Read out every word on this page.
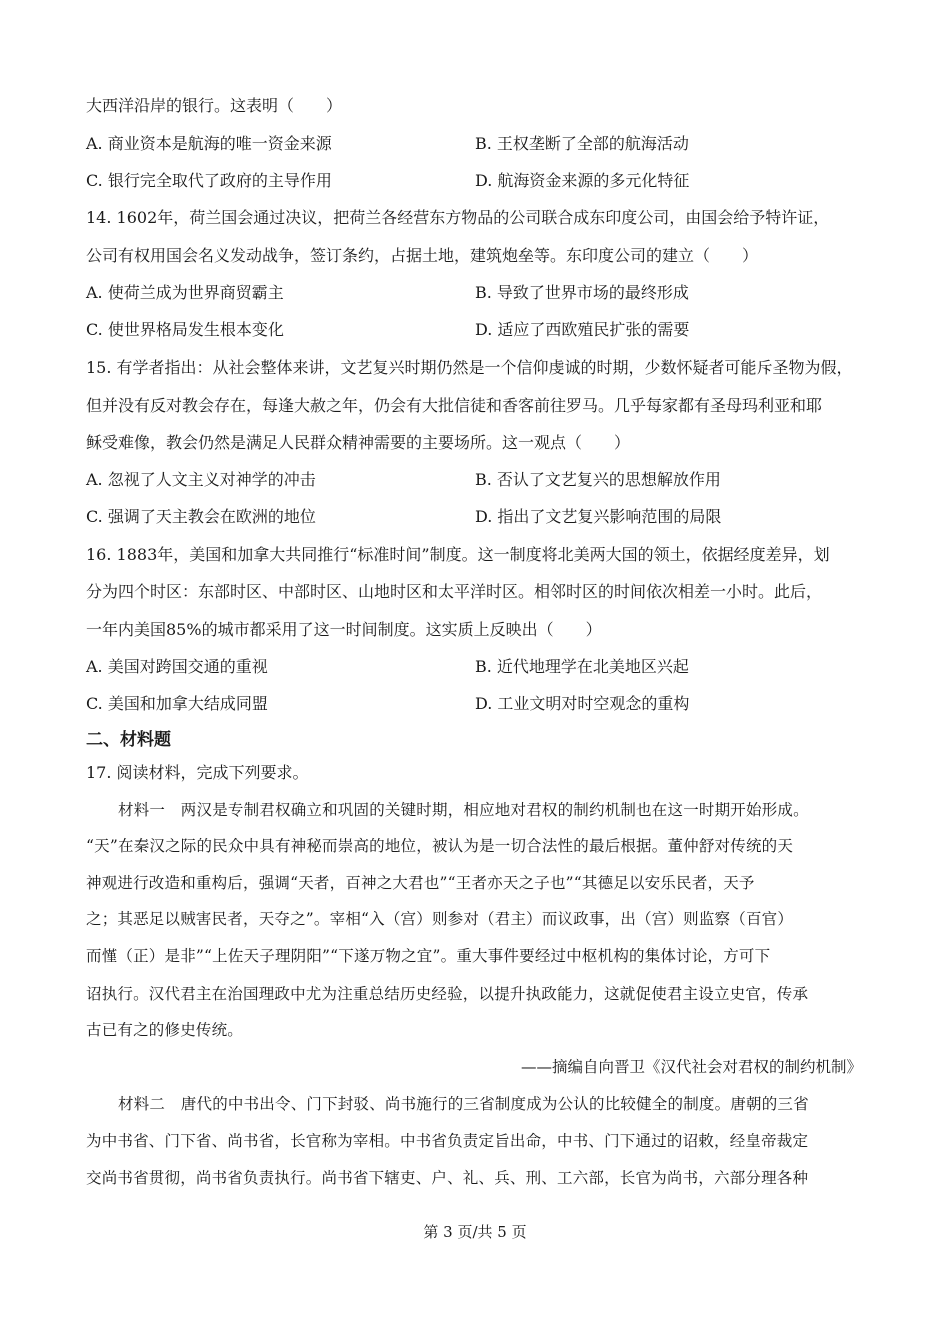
大西洋沿岸的银行。这表明（　　）
A. 商业资本是航海的唯一资金来源	B. 王权垄断了全部的航海活动
C. 银行完全取代了政府的主导作用	D. 航海资金来源的多元化特征
14. 1602年，荷兰国会通过决议，把荷兰各经营东方物品的公司联合成东印度公司，由国会给予特许证，
公司有权用国会名义发动战争，签订条约，占据土地，建筑炮垒等。东印度公司的建立（　　）
A. 使荷兰成为世界商贸霸主	B. 导致了世界市场的最终形成
C. 使世界格局发生根本变化	D. 适应了西欧殖民扩张的需要
15. 有学者指出：从社会整体来讲，文艺复兴时期仍然是一个信仰虔诚的时期，少数怀疑者可能斥圣物为假，
但并没有反对教会存在，每逢大赦之年，仍会有大批信徒和香客前往罗马。几乎每家都有圣母玛利亚和耶
稣受难像，教会仍然是满足人民群众精神需要的主要场所。这一观点（　　）
A. 忽视了人文主义对神学的冲击	B. 否认了文艺复兴的思想解放作用
C. 强调了天主教会在欧洲的地位	D. 指出了文艺复兴影响范围的局限
16. 1883年，美国和加拿大共同推行“标准时间”制度。这一制度将北美两大国的领土，依据经度差异，划
分为四个时区：东部时区、中部时区、山地时区和太平洋时区。相邻时区的时间依次相差一小时。此后，
一年内美国85%的城市都采用了这一时间制度。这实质上反映出（　　）
A. 美国对跨国交通的重视	B. 近代地理学在北美地区兴起
C. 美国和加拿大结成同盟	D. 工业文明对时空观念的重构
二、材料题
17. 阅读材料，完成下列要求。
材料一　两汉是专制君权确立和巩固的关键时期，相应地对君权的制约机制也在这一时期开始形成。
“天”在秦汉之际的民众中具有神秘而崇高的地位，被认为是一切合法性的最后根据。董仲舒对传统的天
神观进行改造和重构后，强调“天者，百神之大君也”“王者亦天之子也”“其德足以安乐民者，天予
之；其恶足以贼害民者，天夺之”。宰相“入（宫）则参对（君主）而议政事，出（宫）则监察（百官）
而慬（正）是非”“上佐天子理阴阳”“下遂万物之宜”。重大事件要经过中枢机构的集体讨论，方可下
诏执行。汉代君主在治国理政中尤为注重总结历史经验，以提升执政能力，这就促使君主设立史官，传承
古已有之的修史传统。
——摘编自向晋卫《汉代社会对君权的制约机制》
材料二　唐代的中书出令、门下封驳、尚书施行的三省制度成为公认的比较健全的制度。唐朝的三省
为中书省、门下省、尚书省，长官称为宰相。中书省负责定旨出命，中书、门下通过的诏敕，经皇帝裁定
交尚书省贯彻，尚书省负责执行。尚书省下辖吏、户、礼、兵、刑、工六部，长官为尚书，六部分理各种
第 3 页/共 5 页
